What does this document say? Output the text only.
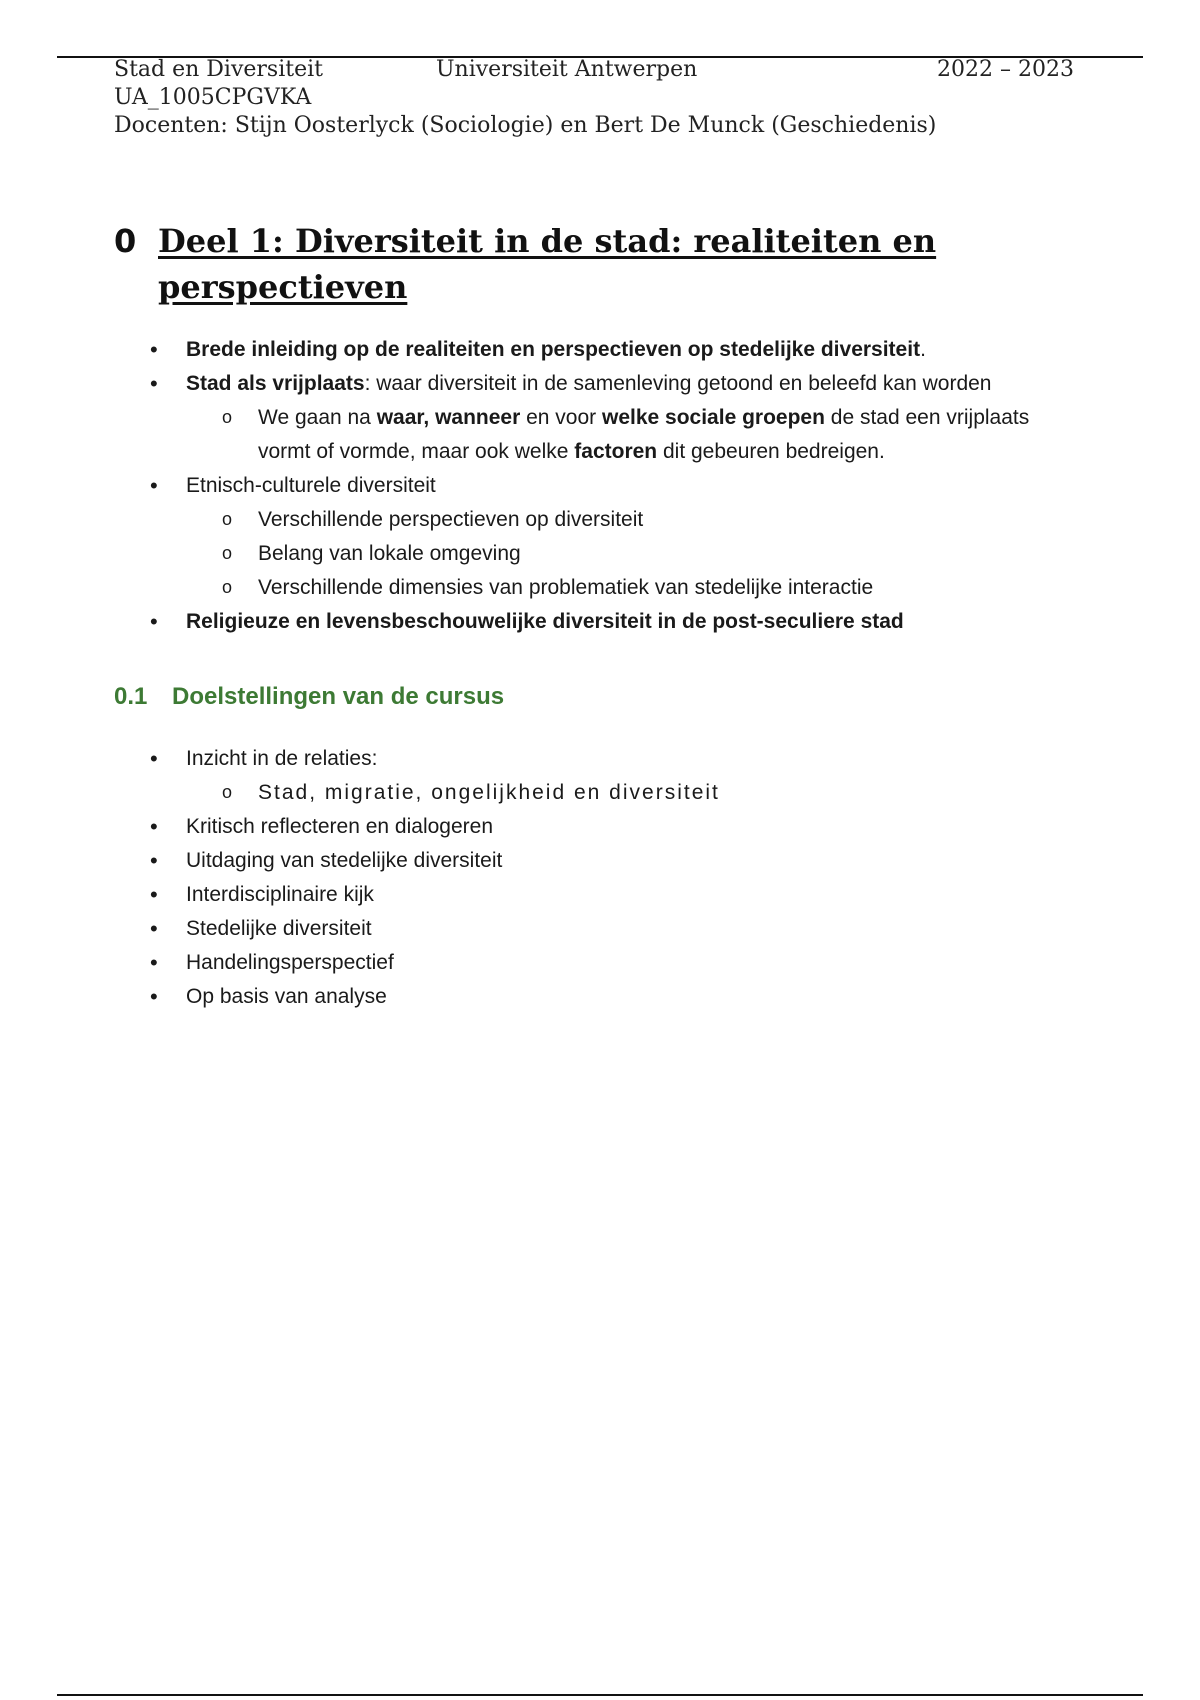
Stad en Diversiteit	Universiteit Antwerpen	2022 – 2023
UA_1005CPGVKA
Docenten: Stijn Oosterlyck (Sociologie) en Bert De Munck (Geschiedenis)
0 Deel 1: Diversiteit in de stad: realiteiten en
perspectieven
• Brede inleiding op de realiteiten en perspectieven op stedelijke diversiteit.
• Stad als vrijplaats: waar diversiteit in de samenleving getoond en beleefd kan worden
o We gaan na waar, wanneer en voor welke sociale groepen de stad een vrijplaats
vormt of vormde, maar ook welke factoren dit gebeuren bedreigen.
• Etnisch-culturele diversiteit
o Verschillende perspectieven op diversiteit
o Belang van lokale omgeving
o Verschillende dimensies van problematiek van stedelijke interactie
• Religieuze en levensbeschouwelijke diversiteit in de post-seculiere stad
0.1 Doelstellingen van de cursus
• Inzicht in de relaties:
o Stad, migratie, ongelijkheid en diversiteit
• Kritisch reflecteren en dialogeren
• Uitdaging van stedelijke diversiteit
• Interdisciplinaire kijk
• Stedelijke diversiteit
• Handelingsperspectief
• Op basis van analyse
